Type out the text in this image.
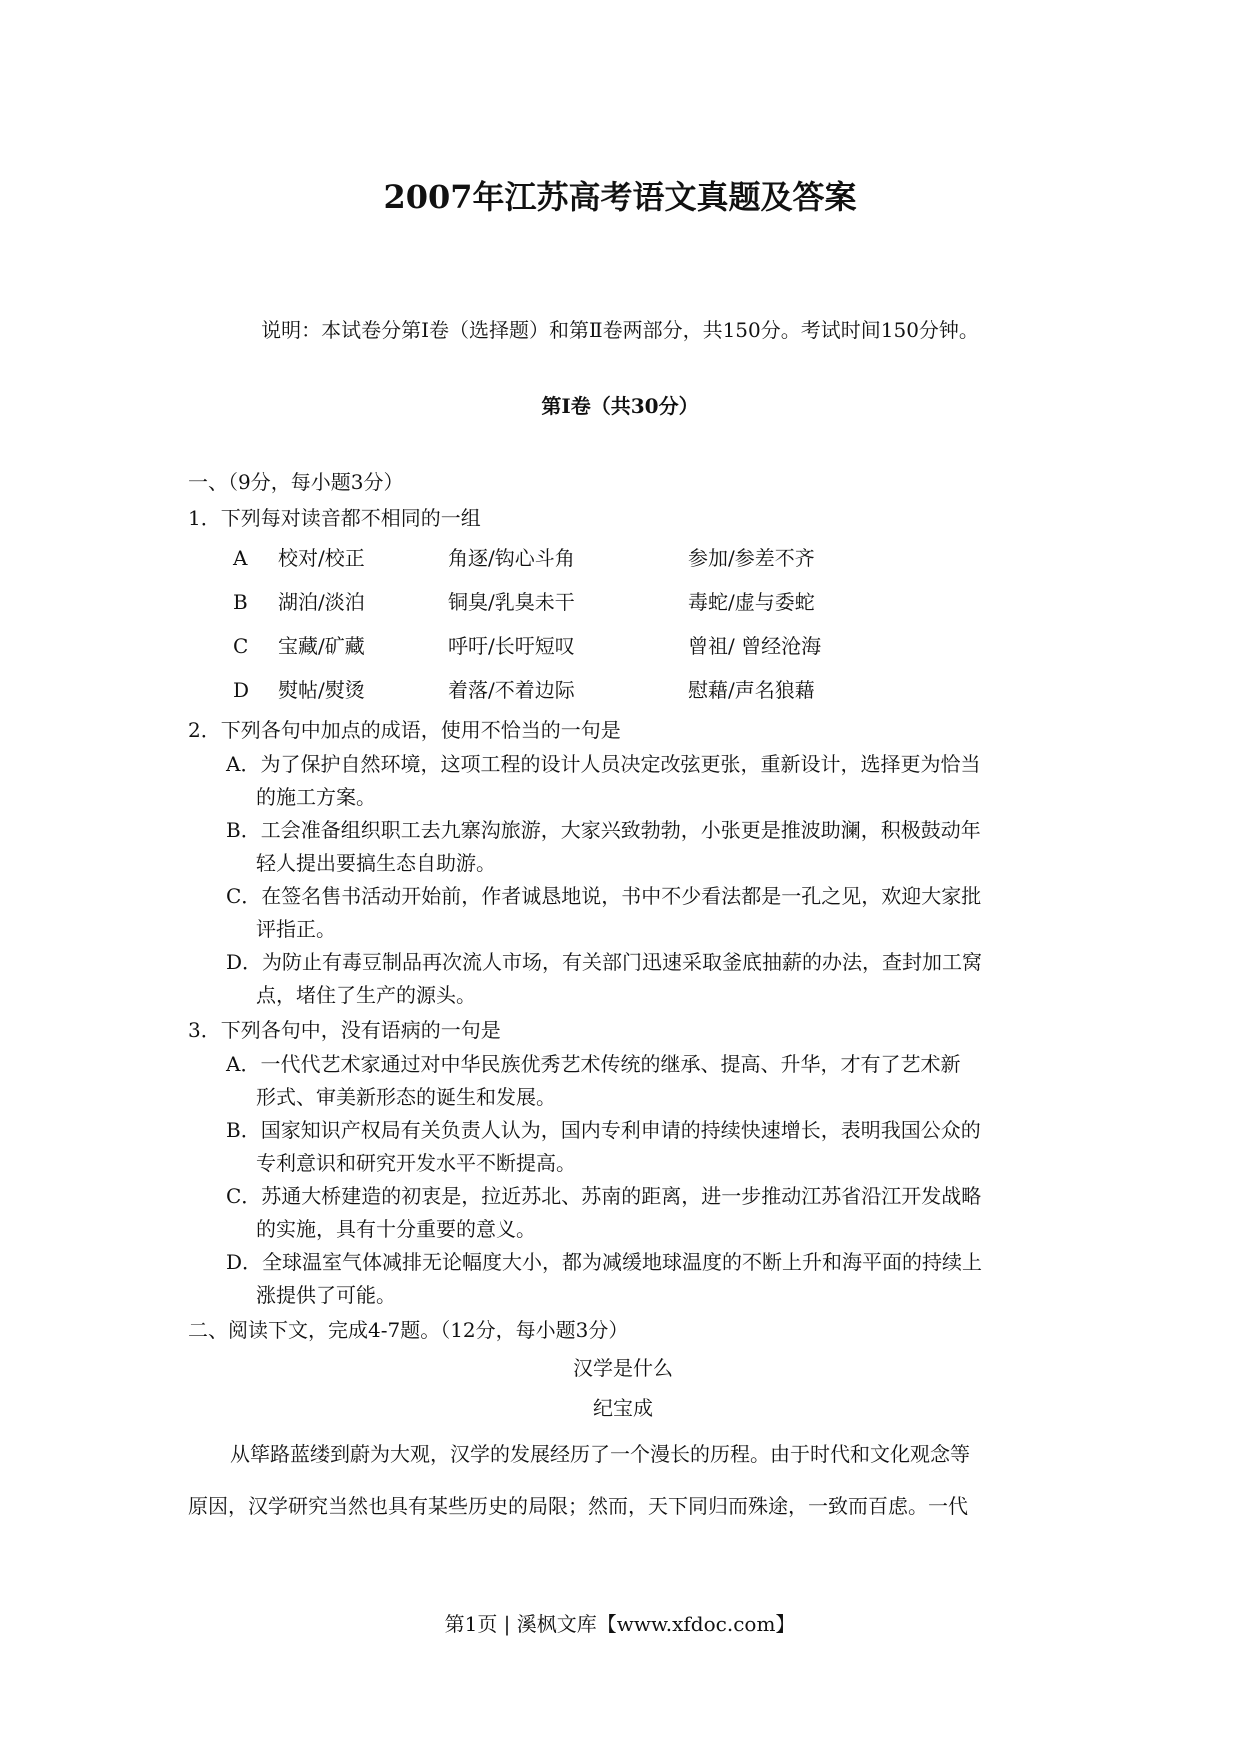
2007年江苏高考语文真题及答案
说明：本试卷分第Ⅰ卷（选择题）和第Ⅱ卷两部分，共150分。考试时间150分钟。
第Ⅰ卷（共30分）
一、（9分，每小题3分）
1．下列每对读音都不相同的一组
A 校对/校正	角逐/钩心斗角	参加/参差不齐
B 湖泊/淡泊	铜臭/乳臭未干	毒蛇/虚与委蛇
C 宝藏/矿藏	呼吁/长吁短叹	曾祖/ 曾经沧海
D 熨帖/熨烫	着落/不着边际	慰藉/声名狼藉
2．下列各句中加点的成语，使用不恰当的一句是
A．为了保护自然环境，这项工程的设计人员决定改弦更张，重新设计，选择更为恰当
的施工方案。
B．工会准备组织职工去九寨沟旅游，大家兴致勃勃，小张更是推波助澜，积极鼓动年
轻人提出要搞生态自助游。
C．在签名售书活动开始前，作者诚恳地说，书中不少看法都是一孔之见，欢迎大家批
评指正。
D．为防止有毒豆制品再次流人市场，有关部门迅速采取釜底抽薪的办法，查封加工窝
点，堵住了生产的源头。
3．下列各句中，没有语病的一句是
A．一代代艺术家通过对中华民族优秀艺术传统的继承、提高、升华，才有了艺术新
形式、审美新形态的诞生和发展。
B．国家知识产权局有关负责人认为，国内专利申请的持续快速增长，表明我国公众的
专利意识和研究开发水平不断提高。
C．苏通大桥建造的初衷是，拉近苏北、苏南的距离，进一步推动江苏省沿江开发战略
的实施，具有十分重要的意义。
D．全球温室气体减排无论幅度大小，都为减缓地球温度的不断上升和海平面的持续上
涨提供了可能。
二、阅读下文，完成4-7题。（12分，每小题3分）
汉学是什么
纪宝成
从筚路蓝缕到蔚为大观，汉学的发展经历了一个漫长的历程。由于时代和文化观念等
原因，汉学研究当然也具有某些历史的局限；然而，天下同归而殊途，一致而百虑。一代
第1页 | 溪枫文库【www.xfdoc.com】
